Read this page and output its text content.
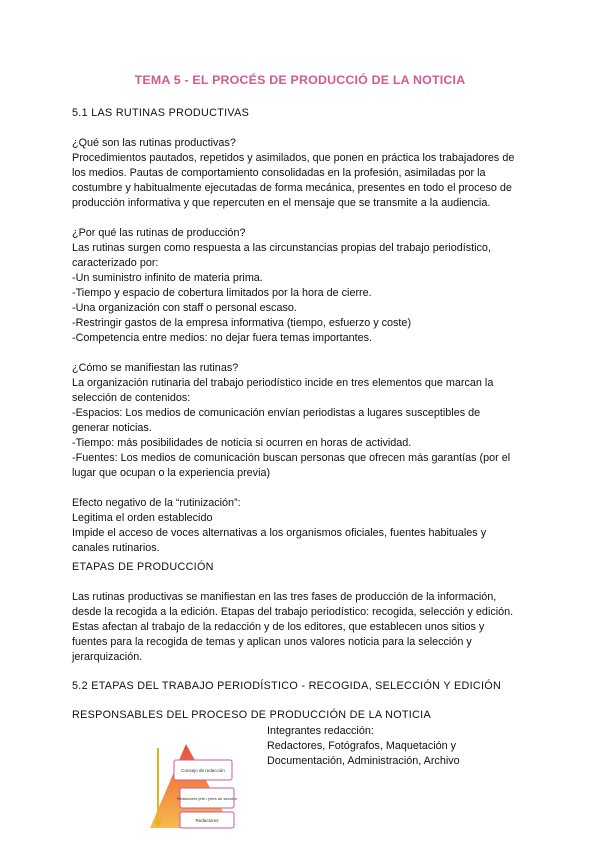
TEMA 5 - EL PROCÉS DE PRODUCCIÓ DE LA NOTICIA
5.1 LAS RUTINAS PRODUCTIVAS

¿Qué son las rutinas productivas?

Procedimientos pautados, repetidos y asimilados, que ponen en práctica los trabajadores de

los medios. Pautas de comportamiento consolidadas en la profesión, asimiladas por la

costumbre y habitualmente ejecutadas de forma mecánica, presentes en todo el proceso de

producción informativa y que repercuten en el mensaje que se transmite a la audiencia.

¿Por qué las rutinas de producción?

Las rutinas surgen como respuesta a las circunstancias propias del trabajo periodístico,

caracterizado por:

-Un suministro infinito de materia prima.

-Tiempo y espacio de cobertura limitados por la hora de cierre.

-Una organización con staff o personal escaso.

-Restringir gastos de la empresa informativa (tiempo, esfuerzo y coste)

-Competencia entre medios: no dejar fuera temas importantes.

¿Cómo se manifiestan las rutinas?

La organización rutinaria del trabajo periodístico incide en tres elementos que marcan la

selección de contenidos:

-Espacios: Los medios de comunicación envían periodistas a lugares susceptibles de

generar noticias.

-Tiempo: más posibilidades de noticia si ocurren en horas de actividad.

-Fuentes: Los medios de comunicación buscan personas que ofrecen más garantías (por el

lugar que ocupan o la experiencia previa)

Efecto negativo de la “rutinización”:

Legitima el orden establecido

Impide el acceso de voces alternativas a los organismos oficiales, fuentes habituales y

canales rutinarios.

ETAPAS DE PRODUCCIÓN

Las rutinas productivas se manifiestan en las tres fases de producción de la información,

desde la recogida a la edición. Etapas del trabajo periodístico: recogida, selección y edición.

Estas afectan al trabajo de la redacción y de los editores, que establecen unos sitios y

fuentes para la recogida de temas y aplican unos valores noticia para la selección y

jerarquización.

5.2 ETAPAS DEL TRABAJO PERIODÍSTICO - RECOGIDA, SELECCIÓN Y EDICIÓN
RESPONSABLES DEL PROCESO DE PRODUCCIÓN DE LA NOTICIA
Consejo de redacción
Redactores jefe / jefes de sección
Redactores

Integrantes redacción:

Redactores, Fotógrafos, Maquetación y

Documentación, Administración, Archivo
